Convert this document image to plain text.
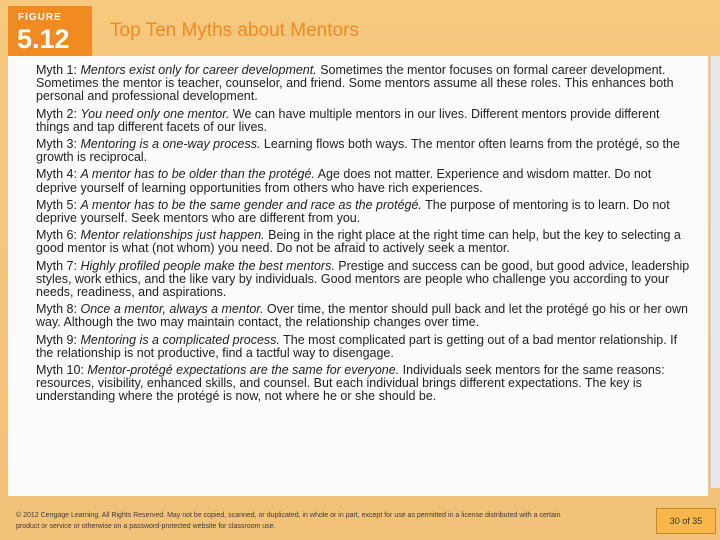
FIGURE
5.12 Top Ten Myths about Mentors

Myth 1: Mentors exist only for career development. Sometimes the mentor focuses on formal career development. Sometimes the mentor is teacher, counselor, and friend. Some mentors assume all these roles. This enhances both personal and professional development.

Myth 2: You need only one mentor. We can have multiple mentors in our lives. Different mentors provide different things and tap different facets of our lives.

Myth 3: Mentoring is a one-way process. Learning flows both ways. The mentor often learns from the protégé, so the growth is reciprocal.

Myth 4: A mentor has to be older than the protégé. Age does not matter. Experience and wisdom matter. Do not deprive yourself of learning opportunities from others who have rich experiences.

Myth 5: A mentor has to be the same gender and race as the protégé. The purpose of mentoring is to learn. Do not deprive yourself. Seek mentors who are different from you.

Myth 6: Mentor relationships just happen. Being in the right place at the right time can help, but the key to selecting a good mentor is what (not whom) you need. Do not be afraid to actively seek a mentor.

Myth 7: Highly profiled people make the best mentors. Prestige and success can be good, but good advice, leadership styles, work ethics, and the like vary by individuals. Good mentors are people who challenge you according to your needs, readiness, and aspirations.

Myth 8: Once a mentor, always a mentor. Over time, the mentor should pull back and let the protégé go his or her own way. Although the two may maintain contact, the relationship changes over time.

Myth 9: Mentoring is a complicated process. The most complicated part is getting out of a bad mentor relationship. If the relationship is not productive, find a tactful way to disengage.

Myth 10: Mentor-protégé expectations are the same for everyone. Individuals seek mentors for the same reasons: resources, visibility, enhanced skills, and counsel. But each individual brings different expectations. The key is understanding where the protégé is now, not where he or she should be.

© 2012 Cengage Learning. All Rights Reserved. May not be copied, scanned, or duplicated, in whole or in part, except for use as permitted in a license distributed with a certain product or service or otherwise on a password-protected website for classroom use.
30 of 35
